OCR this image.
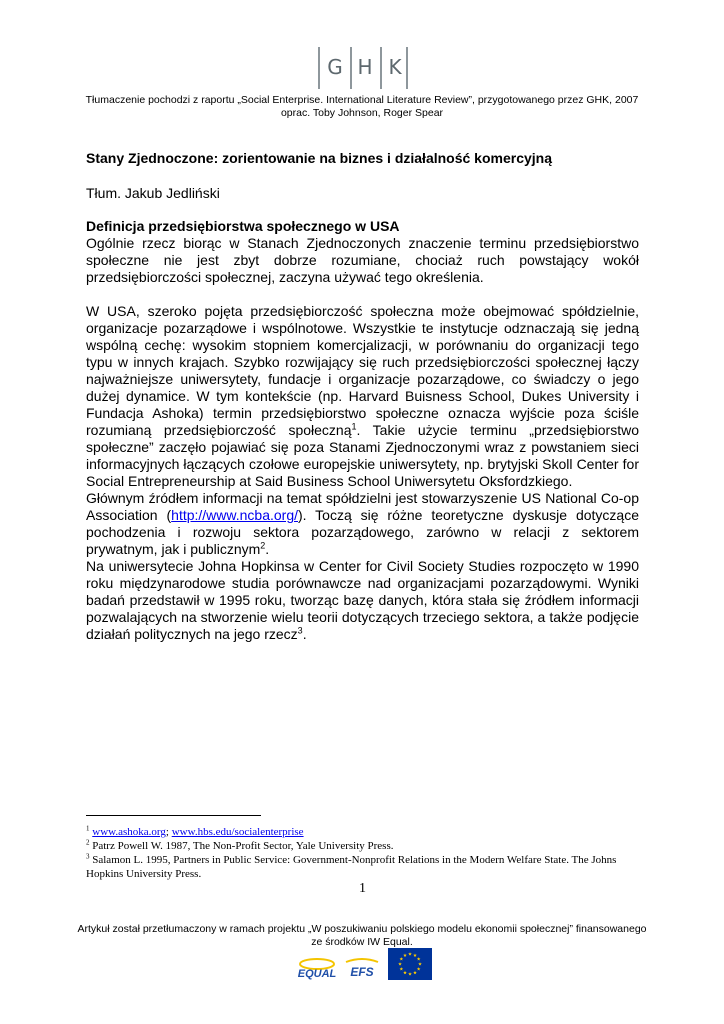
G H K
Tłumaczenie pochodzi z raportu „Social Enterprise. International Literature Review”, przygotowanego przez GHK, 2007
oprac. Toby Johnson, Roger Spear
Stany Zjednoczone: zorientowanie na biznes i działalność komercyjną
Tłum. Jakub Jedliński

Definicja przedsiębiorstwa społecznego w USA

Ogólnie rzecz biorąc w Stanach Zjednoczonych znaczenie terminu przedsiębiorstwo społeczne nie jest zbyt dobrze rozumiane, chociaż ruch powstający wokół przedsiębiorczości społecznej, zaczyna używać tego określenia.

W USA, szeroko pojęta przedsiębiorczość społeczna może obejmować spółdzielnie, organizacje pozarządowe i wspólnotowe. Wszystkie te instytucje odznaczają się jedną wspólną cechę: wysokim stopniem komercjalizacji, w porównaniu do organizacji tego typu w innych krajach. Szybko rozwijający się ruch przedsiębiorczości społecznej łączy najważniejsze uniwersytety, fundacje i organizacje pozarządowe, co świadczy o jego dużej dynamice. W tym kontekście (np. Harvard Buisness School, Dukes University i Fundacja Ashoka) termin przedsiębiorstwo społeczne oznacza wyjście poza ściśle rozumianą przedsiębiorczość społeczną$^1$. Takie użycie terminu „przedsiębiorstwo społeczne” zaczęło pojawiać się poza Stanami Zjednoczonymi wraz z powstaniem sieci informacyjnych łączących czołowe europejskie uniwersytety, np. brytyjski Skoll Center for Social Entrepreneurship at Said Business School Uniwersytetu Oksfordzkiego.

Głównym źródłem informacji na temat spółdzielni jest stowarzyszenie US National Co-op Association (http://www.ncba.org/). Toczą się różne teoretyczne dyskusje dotyczące pochodzenia i rozwoju sektora pozarządowego, zarówno w relacji z sektorem prywatnym, jak i publicznym$^2$.

Na uniwersytecie Johna Hopkinsa w Center for Civil Society Studies rozpoczęto w 1990 roku międzynarodowe studia porównawcze nad organizacjami pozarządowymi. Wyniki badań przedstawił w 1995 roku, tworząc bazę danych, która stała się źródłem informacji pozwalających na stworzenie wielu teorii dotyczących trzeciego sektora, a także podjęcie działań politycznych na jego rzecz$^3$.

$^1$ www.ashoka.org; www.hbs.edu/socialenterprise
$^2$ Patrz Powell W. 1987, The Non-Profit Sector, Yale University Press.
$^3$ Salamon L. 1995, Partners in Public Service: Government-Nonprofit Relations in the Modern Welfare State. The Johns Hopkins University Press.
1
Artykuł został przetłumaczony w ramach projektu „W poszukiwaniu polskiego modelu ekonomii społecznej” finansowanego
ze środków IW Equal.
EQUAL EFS
